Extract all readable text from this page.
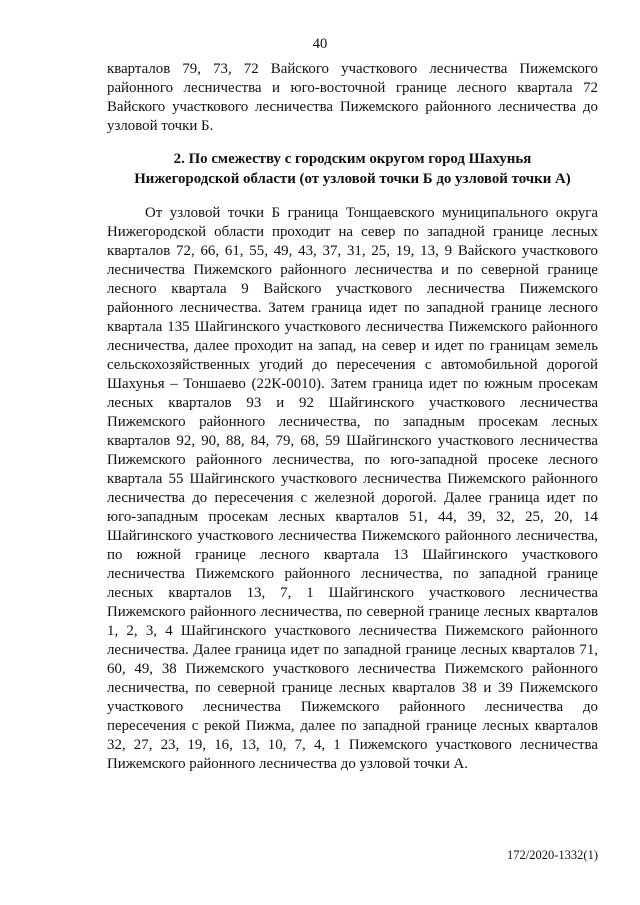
40

кварталов 79, 73, 72 Вайского участкового лесничества Пижемского районного лесничества и юго-восточной границе лесного квартала 72 Вайского участкового лесничества Пижемского районного лесничества до узловой точки Б.

2. По смежеству с городским округом город Шахунья
Нижегородской области (от узловой точки Б до узловой точки А)

От узловой точки Б граница Тонщаевского муниципального округа Нижегородской области проходит на север по западной границе лесных кварталов 72, 66, 61, 55, 49, 43, 37, 31, 25, 19, 13, 9 Вайского участкового лесничества Пижемского районного лесничества и по северной границе лесного квартала 9 Вайского участкового лесничества Пижемского районного лесничества. Затем граница идет по западной границе лесного квартала 135 Шайгинского участкового лесничества Пижемского районного лесничества, далее проходит на запад, на север и идет по границам земель сельскохозяйственных угодий до пересечения с автомобильной дорогой Шахунья – Тоншаево (22К-0010). Затем граница идет по южным просекам лесных кварталов 93 и 92 Шайгинского участкового лесничества Пижемского районного лесничества, по западным просекам лесных кварталов 92, 90, 88, 84, 79, 68, 59 Шайгинского участкового лесничества Пижемского районного лесничества, по юго-западной просеке лесного квартала 55 Шайгинского участкового лесничества Пижемского районного лесничества до пересечения с железной дорогой. Далее граница идет по юго-западным просекам лесных кварталов 51, 44, 39, 32, 25, 20, 14 Шайгинского участкового лесничества Пижемского районного лесничества, по южной границе лесного квартала 13 Шайгинского участкового лесничества Пижемского районного лесничества, по западной границе лесных кварталов 13, 7, 1 Шайгинского участкового лесничества Пижемского районного лесничества, по северной границе лесных кварталов 1, 2, 3, 4 Шайгинского участкового лесничества Пижемского районного лесничества. Далее граница идет по западной границе лесных кварталов 71, 60, 49, 38 Пижемского участкового лесничества Пижемского районного лесничества, по северной границе лесных кварталов 38 и 39 Пижемского участкового лесничества Пижемского районного лесничества до пересечения с рекой Пижма, далее по западной границе лесных кварталов 32, 27, 23, 19, 16, 13, 10, 7, 4, 1 Пижемского участкового лесничества Пижемского районного лесничества до узловой точки А.

172/2020-1332(1)
